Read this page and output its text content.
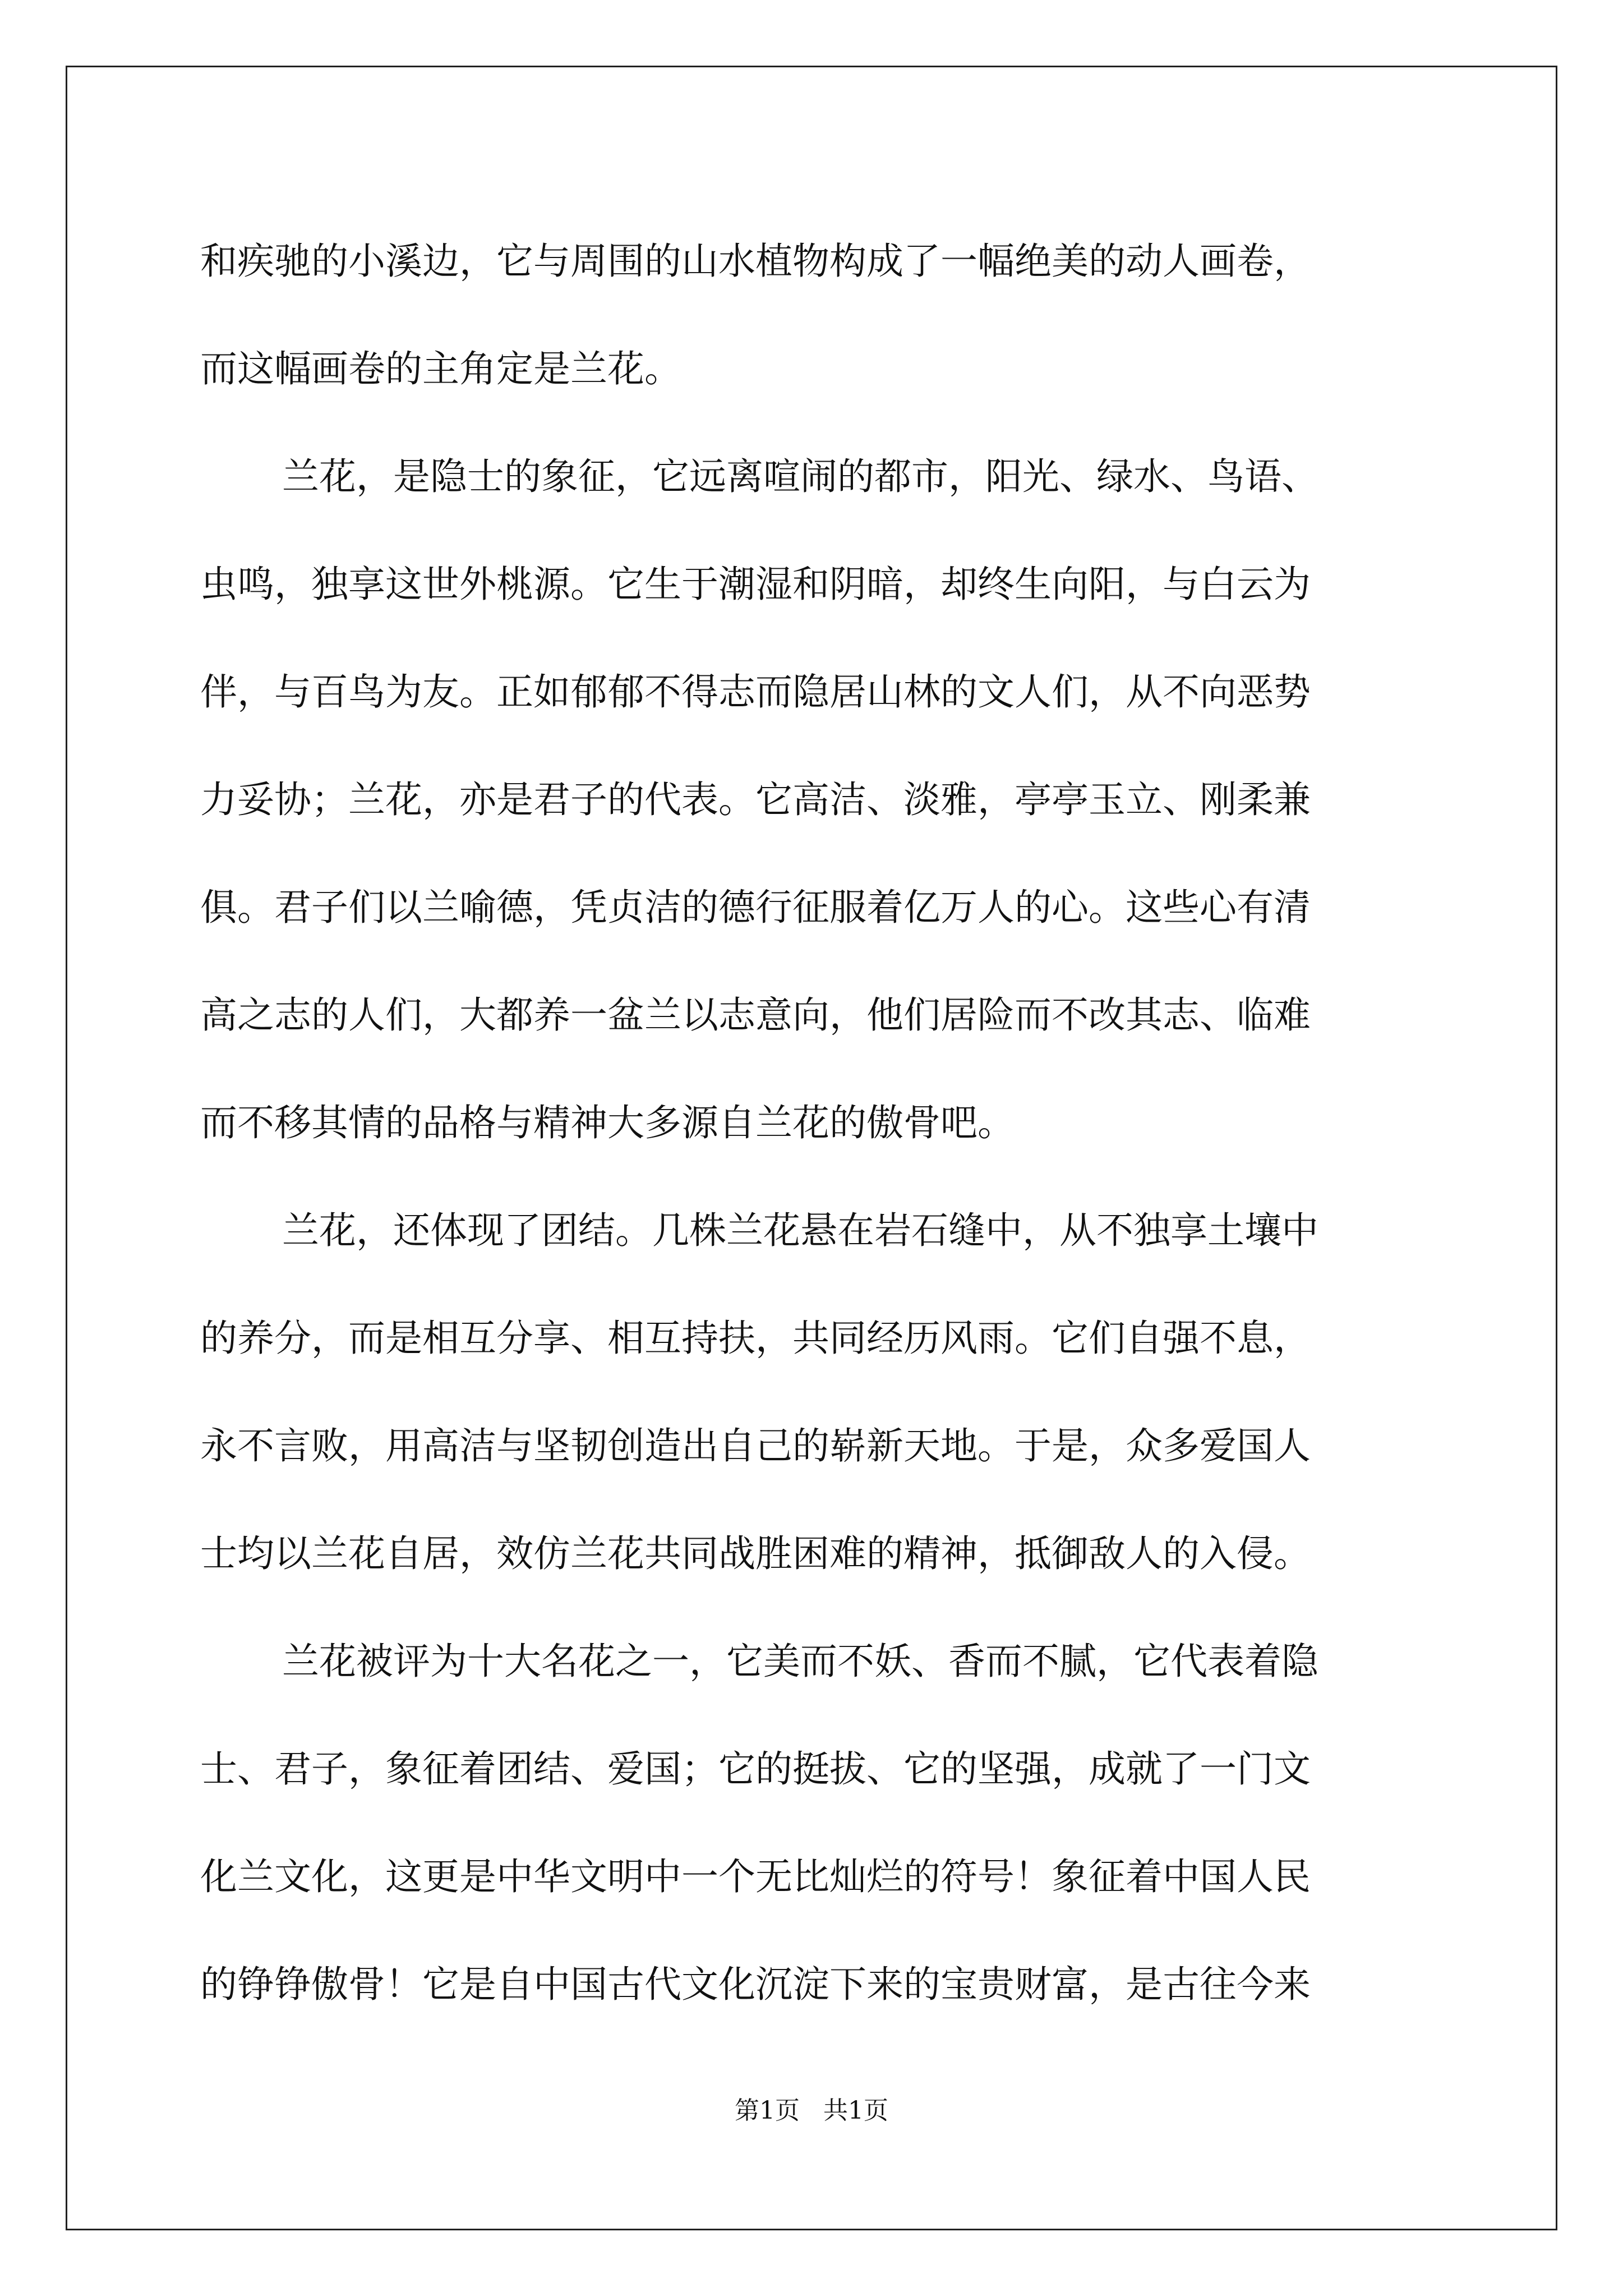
和疾驰的小溪边，它与周围的山水植物构成了一幅绝美的动人画卷，
而这幅画卷的主角定是兰花。
兰花，是隐士的象征，它远离喧闹的都市，阳光、绿水、鸟语、
虫鸣，独享这世外桃源。它生于潮湿和阴暗，却终生向阳，与白云为
伴，与百鸟为友。正如郁郁不得志而隐居山林的文人们，从不向恶势
力妥协；兰花，亦是君子的代表。它高洁、淡雅，亭亭玉立、刚柔兼
俱。君子们以兰喻德，凭贞洁的德行征服着亿万人的心。这些心有清
高之志的人们，大都养一盆兰以志意向，他们居险而不改其志、临难
而不移其情的品格与精神大多源自兰花的傲骨吧。
兰花，还体现了团结。几株兰花悬在岩石缝中，从不独享土壤中
的养分，而是相互分享、相互持扶，共同经历风雨。它们自强不息，
永不言败，用高洁与坚韧创造出自己的崭新天地。于是，众多爱国人
士均以兰花自居，效仿兰花共同战胜困难的精神，抵御敌人的入侵。
兰花被评为十大名花之一，它美而不妖、香而不腻，它代表着隐
士、君子，象征着团结、爱国；它的挺拔、它的坚强，成就了一门文
化兰文化，这更是中华文明中一个无比灿烂的符号！象征着中国人民
的铮铮傲骨！它是自中国古代文化沉淀下来的宝贵财富，是古往今来
第1页   共1页
